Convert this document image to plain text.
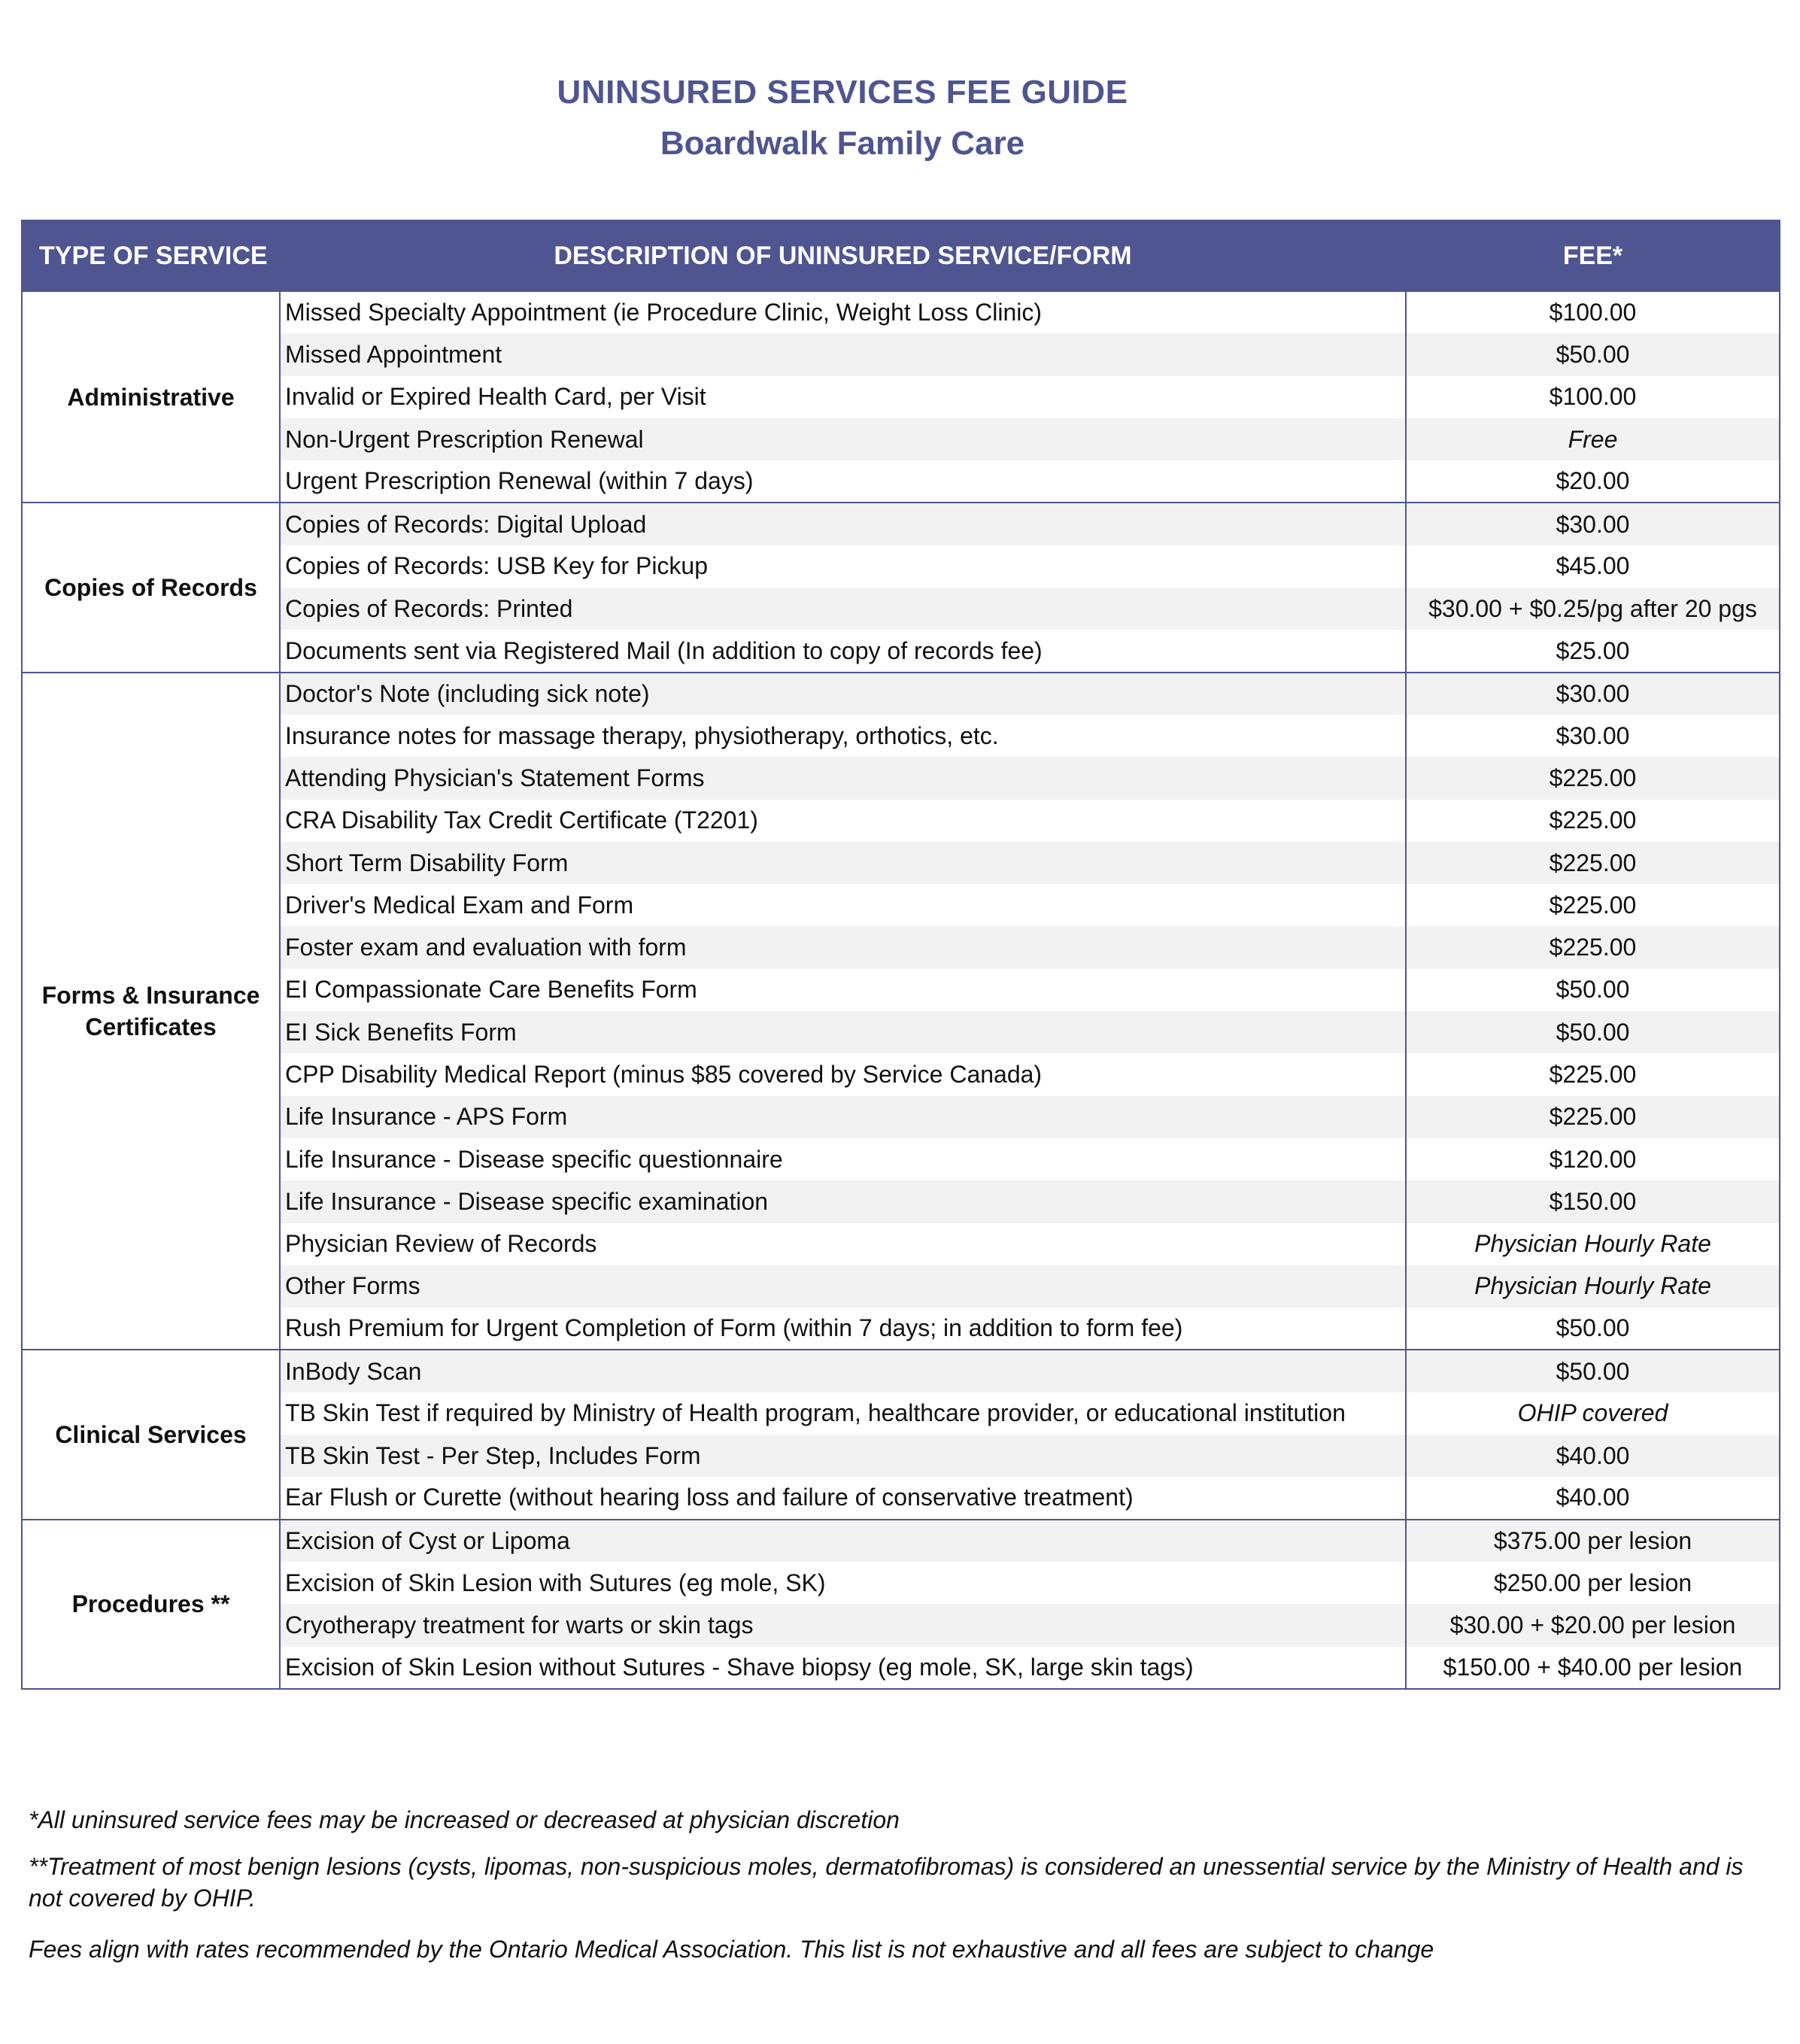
UNINSURED SERVICES FEE GUIDE
Boardwalk Family Care
TYPE OF SERVICE	DESCRIPTION OF UNINSURED SERVICE/FORM	FEE*
Administrative	Missed Specialty Appointment (ie Procedure Clinic, Weight Loss Clinic)	$100.00
	Missed Appointment	$50.00
	Invalid or Expired Health Card, per Visit	$100.00
	Non-Urgent Prescription Renewal	Free
	Urgent Prescription Renewal (within 7 days)	$20.00
Copies of Records	Copies of Records: Digital Upload	$30.00
	Copies of Records: USB Key for Pickup	$45.00
	Copies of Records: Printed	$30.00 + $0.25/pg after 20 pgs
	Documents sent via Registered Mail (In addition to copy of records fee)	$25.00
Forms & Insurance Certificates	Doctor's Note (including sick note)	$30.00
	Insurance notes for massage therapy, physiotherapy, orthotics, etc.	$30.00
	Attending Physician's Statement Forms	$225.00
	CRA Disability Tax Credit Certificate (T2201)	$225.00
	Short Term Disability Form	$225.00
	Driver's Medical Exam and Form	$225.00
	Foster exam and evaluation with form	$225.00
	EI Compassionate Care Benefits Form	$50.00
	EI Sick Benefits Form	$50.00
	CPP Disability Medical Report (minus $85 covered by Service Canada)	$225.00
	Life Insurance - APS Form	$225.00
	Life Insurance - Disease specific questionnaire	$120.00
	Life Insurance - Disease specific examination	$150.00
	Physician Review of Records	Physician Hourly Rate
	Other Forms	Physician Hourly Rate
	Rush Premium for Urgent Completion of Form (within 7 days; in addition to form fee)	$50.00
Clinical Services	InBody Scan	$50.00
	TB Skin Test if required by Ministry of Health program, healthcare provider, or educational institution	OHIP covered
	TB Skin Test - Per Step, Includes Form	$40.00
	Ear Flush or Curette (without hearing loss and failure of conservative treatment)	$40.00
Procedures **	Excision of Cyst or Lipoma	$375.00 per lesion
	Excision of Skin Lesion with Sutures (eg mole, SK)	$250.00 per lesion
	Cryotherapy treatment for warts or skin tags	$30.00 + $20.00 per lesion
	Excision of Skin Lesion without Sutures - Shave biopsy (eg mole, SK, large skin tags)	$150.00 + $40.00 per lesion

*All uninsured service fees may be increased or decreased at physician discretion

**Treatment of most benign lesions (cysts, lipomas, non-suspicious moles, dermatofibromas) is considered an unessential service by the Ministry of Health and is not covered by OHIP.

Fees align with rates recommended by the Ontario Medical Association. This list is not exhaustive and all fees are subject to change
